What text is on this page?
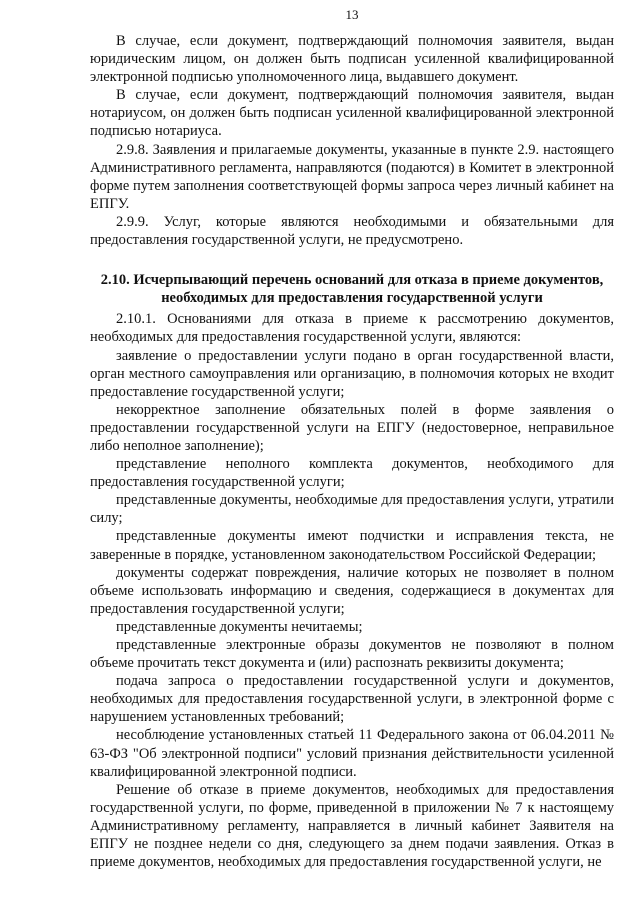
13

В случае, если документ, подтверждающий полномочия заявителя, выдан юридическим лицом, он должен быть подписан усиленной квалифицированной электронной подписью уполномоченного лица, выдавшего документ.

В случае, если документ, подтверждающий полномочия заявителя, выдан нотариусом, он должен быть подписан усиленной квалифицированной электронной подписью нотариуса.

2.9.8. Заявления и прилагаемые документы, указанные в пункте 2.9. настоящего Административного регламента, направляются (подаются) в Комитет в электронной форме путем заполнения соответствующей формы запроса через личный кабинет на ЕПГУ.

2.9.9. Услуг, которые являются необходимыми и обязательными для предоставления государственной услуги, не предусмотрено.

2.10. Исчерпывающий перечень оснований для отказа в приеме документов, необходимых для предоставления государственной услуги

2.10.1. Основаниями для отказа в приеме к рассмотрению документов, необходимых для предоставления государственной услуги, являются:

заявление о предоставлении услуги подано в орган государственной власти, орган местного самоуправления или организацию, в полномочия которых не входит предоставление государственной услуги;

некорректное заполнение обязательных полей в форме заявления о предоставлении государственной услуги на ЕПГУ (недостоверное, неправильное либо неполное заполнение);

представление неполного комплекта документов, необходимого для предоставления государственной услуги;

представленные документы, необходимые для предоставления услуги, утратили силу;

представленные документы имеют подчистки и исправления текста, не заверенные в порядке, установленном законодательством Российской Федерации;

документы содержат повреждения, наличие которых не позволяет в полном объеме использовать информацию и сведения, содержащиеся в документах для предоставления государственной услуги;

представленные документы нечитаемы;

представленные электронные образы документов не позволяют в полном объеме прочитать текст документа и (или) распознать реквизиты документа;

подача запроса о предоставлении государственной услуги и документов, необходимых для предоставления государственной услуги, в электронной форме с нарушением установленных требований;

несоблюдение установленных статьей 11 Федерального закона от 06.04.2011 № 63-ФЗ "Об электронной подписи" условий признания действительности усиленной квалифицированной электронной подписи.

Решение об отказе в приеме документов, необходимых для предоставления государственной услуги, по форме, приведенной в приложении № 7 к настоящему Административному регламенту, направляется в личный кабинет Заявителя на ЕПГУ не позднее недели со дня, следующего за днем подачи заявления. Отказ в приеме документов, необходимых для предоставления государственной услуги, не
